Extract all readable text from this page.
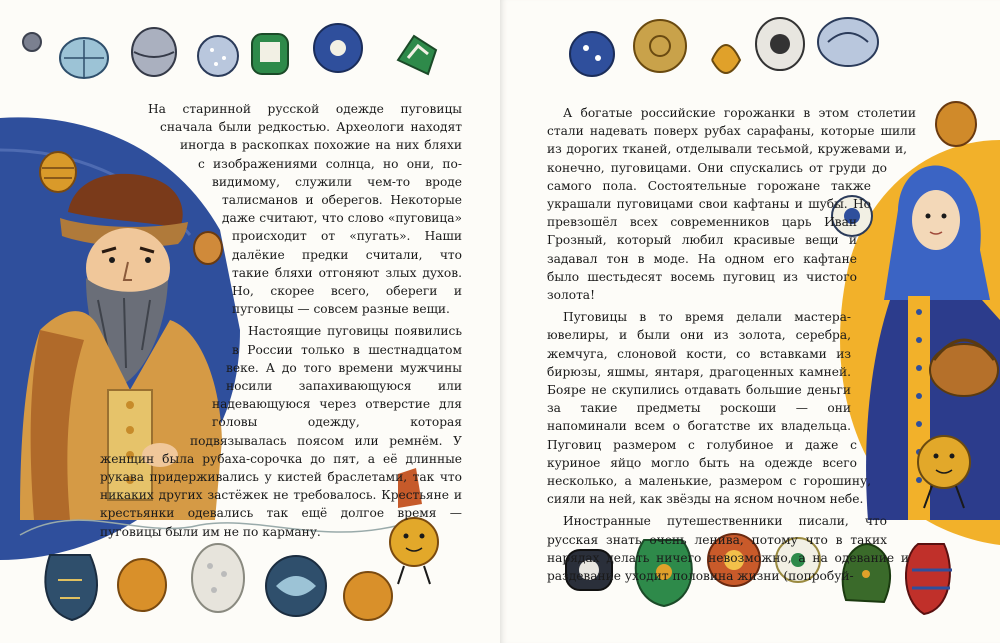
На старинной русской одежде пуговицы сначала были редкостью. Археологи находят иногда в раскопках похожие на них бляхи с изображениями солнца, но они, по-видимому, служили чем-то вроде талисманов и оберегов. Некоторые даже считают, что слово «пуговица» происходит от «пугать». Наши далёкие предки считали, что такие бляхи отгоняют злых духов. Но, скорее всего, обереги и пуговицы — совсем разные вещи.

Настоящие пуговицы появились в России только в шестнадцатом веке. А до того времени мужчины носили запахивающуюся или надевающуюся через отверстие для головы одежду, которая подвязывалась поясом или ремнём. У женщин была рубаха-сорочка до пят, а её длинные рукава придерживались у кистей браслетами, так что никаких других застёжек не требовалось. Крестьяне и крестьянки одевались так ещё долгое время — пуговицы были им не по карману.

А богатые российские горожанки в этом столетии стали надевать поверх рубах сарафаны, которые шили из дорогих тканей, отделывали тесьмой, кружевами и, конечно, пуговицами. Они спускались от груди до самого пола. Состоятельные горожане также украшали пуговицами свои кафтаны и шубы. Но превзошёл всех современников царь Иван Грозный, который любил красивые вещи и задавал тон в моде. На одном его кафтане было шестьдесят восемь пуговиц из чистого золота!

Пуговицы в то время делали мастера-ювелиры, и были они из золота, серебра, жемчуга, слоновой кости, со вставками из бирюзы, яшмы, янтаря, драгоценных камней. Бояре не скупились отдавать большие деньги за такие предметы роскоши — они напоминали всем о богатстве их владельца. Пуговиц размером с голубиное и даже с куриное яйцо могло быть на одежде всего несколько, а маленькие, размером с горошину, сияли на ней, как звёзды на ясном ночном небе.

Иностранные путешественники писали, что русская знать очень ленива, потому что в таких нарядах делать ничего невозможно, а на одевание и раздевание уходит половина жизни (попробуй-
